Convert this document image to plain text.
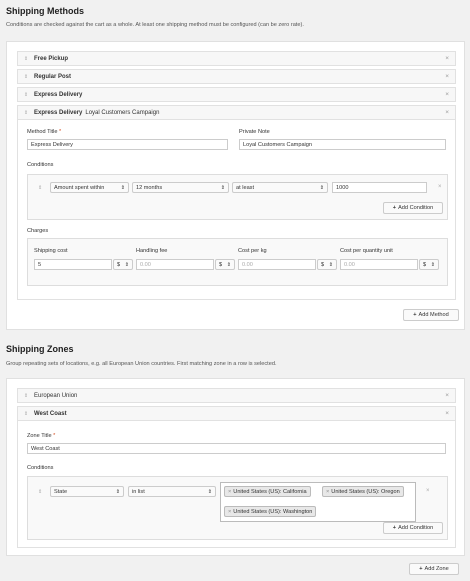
Shipping Methods
Conditions are checked against the cart as a whole. At least one shipping method must be configured (can be zero rate).
⇕ Free Pickup	×
⇕ Regular Post	×
⇕ Express Delivery	×
⇕ Express Delivery Loyal Customers Campaign	×
Method Title *
Express Delivery
Private Note
Loyal Customers Campaign
Conditions
⇕ Amount spent within	⇕ 12 months	⇕ at least	⇕	1000	×
+ Add Condition
Charges
Shipping cost
5	$ ⇕
Handling fee
0.00	$ ⇕
Cost per kg
0.00	$ ⇕
Cost per quantity unit
0.00	$ ⇕
+ Add Method
Shipping Zones
Group repeating sets of locations, e.g. all European Union countries. First matching zone in a row is selected.
⇕ European Union	×
⇕ West Coast	×
Zone Title *
West Coast
Conditions
⇕ State	⇕ in list	⇕	× United States (US): California	× United States (US): Oregon
× United States (US): Washington
×
+ Add Condition
+ Add Zone
